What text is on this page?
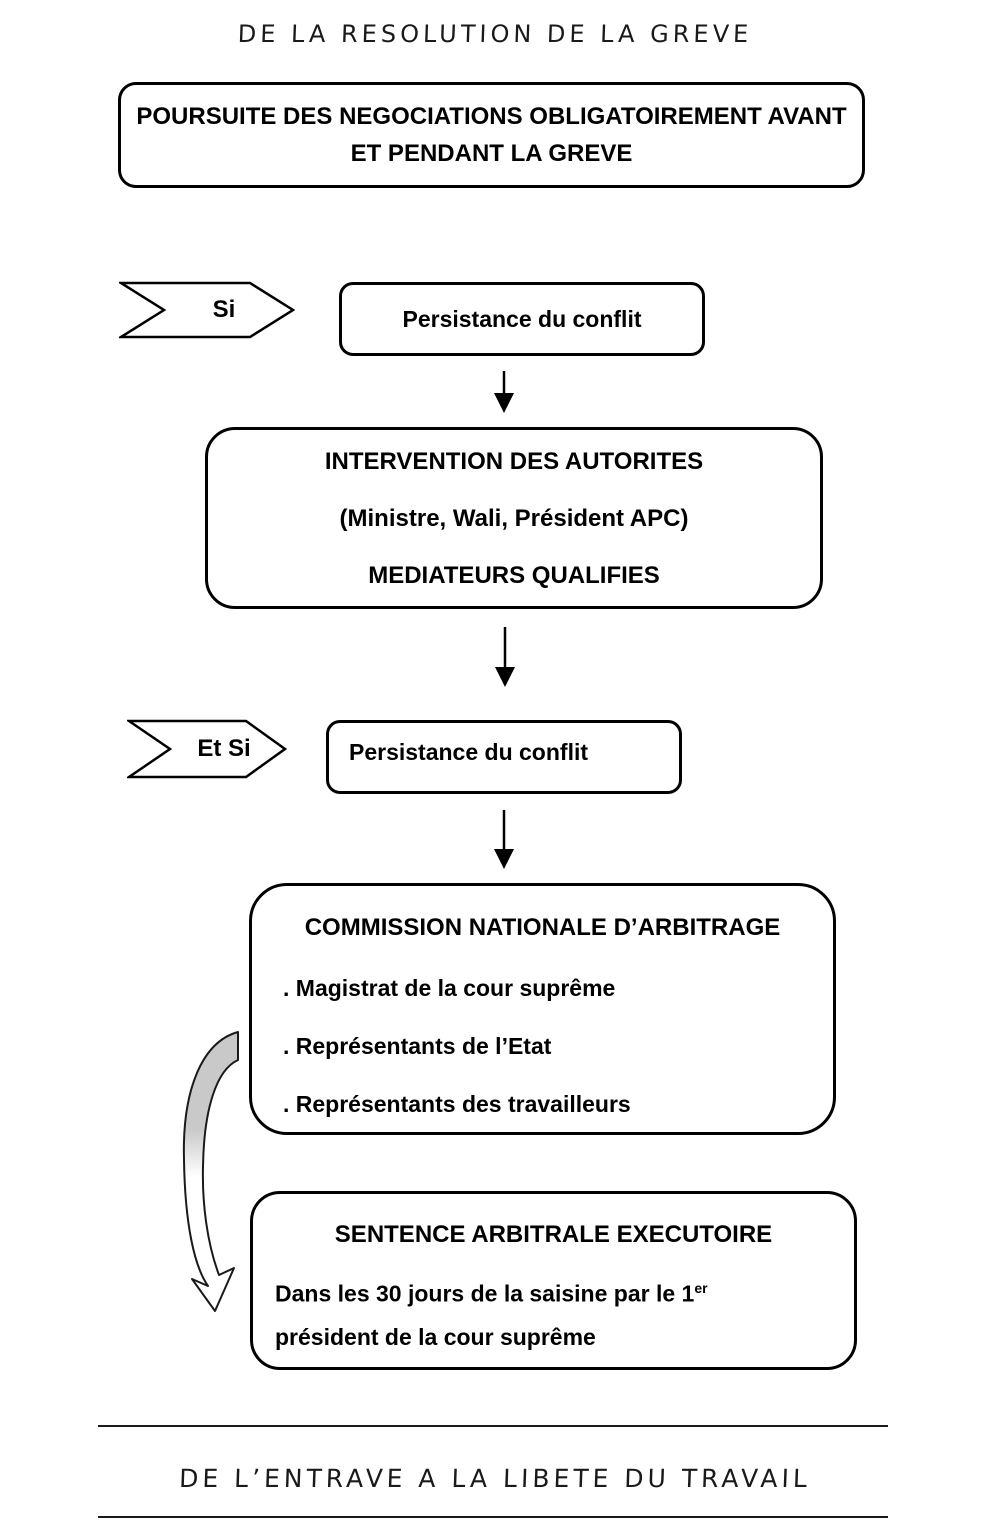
DE LA RESOLUTION DE LA GREVE
POURSUITE DES NEGOCIATIONS OBLIGATOIREMENT AVANT
ET PENDANT LA GREVE
Si	Persistance du conflit
INTERVENTION DES AUTORITES
(Ministre, Wali, Président APC)
MEDIATEURS QUALIFIES
Et Si	Persistance du conflit
COMMISSION NATIONALE D’ARBITRAGE
. Magistrat de la cour suprême
. Représentants de l’Etat
. Représentants des travailleurs
SENTENCE ARBITRALE EXECUTOIRE
Dans les 30 jours de la saisine par le 1er
président de la cour suprême
DE L’ENTRAVE A LA LIBETE DU TRAVAIL
